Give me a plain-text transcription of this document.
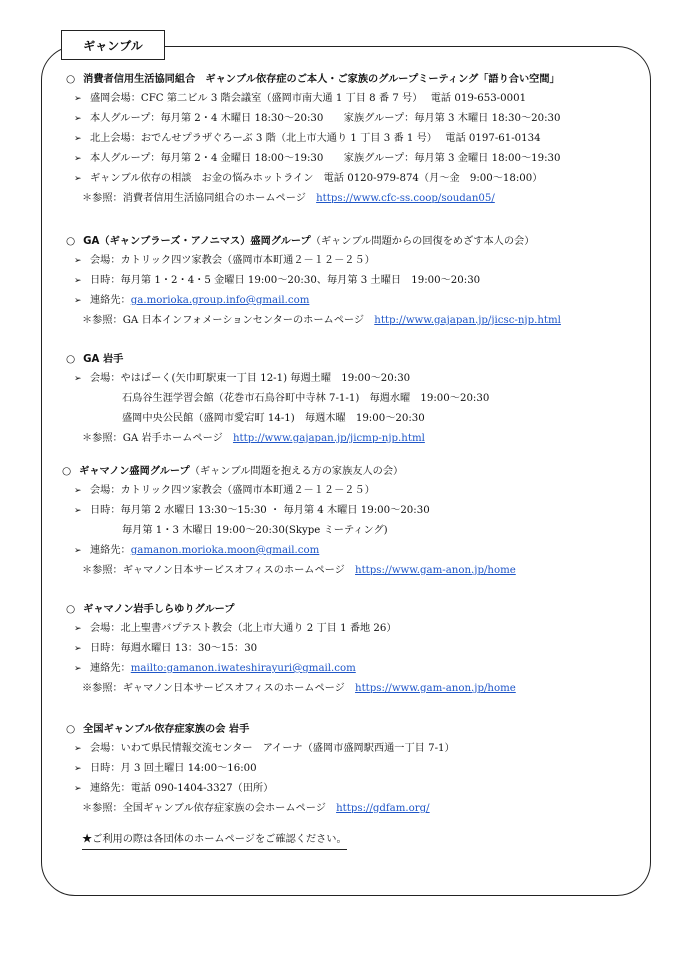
ギャンブル
○ 消費者信用生活協同組合　ギャンブル依存症のご本人・ご家族のグループミーティング「語り合い空間」
➢ 盛岡会場：CFC 第二ビル 3 階会議室（盛岡市南大通 1 丁目 8 番 7 号）　 電話 019-653-0001
➢ 本人グループ：毎月第 2・4 木曜日 18:30～20:30　　家族グループ：毎月第 3 木曜日 18:30～20:30
➢ 北上会場：おでんせプラザぐろーぶ 3 階（北上市大通り 1 丁目 3 番 1 号）　 電話 0197-61-0134
➢ 本人グループ：毎月第 2・4 金曜日 18:00～19:30　　家族グループ：毎月第 3 金曜日 18:00～19:30
➢ ギャンブル依存の相談　お金の悩みホットライン　電話 0120-979-874（月～金　9:00～18:00）
＊参照：消費者信用生活協同組合のホームページ　https://www.cfc-ss.coop/soudan05/
○ GA（ギャンブラーズ・アノニマス）盛岡グループ（ギャンブル問題からの回復をめざす本人の会）
➢ 会場：カトリック四ツ家教会（盛岡市本町通２－１２－２５）
➢ 日時：毎月第 1・2・4・5 金曜日 19:00～20:30、毎月第 3 土曜日　19:00～20:30
➢ 連絡先：ga.morioka.group.info@gmail.com
＊参照：GA 日本インフォメーションセンターのホームページ　http://www.gajapan.jp/jicsc-njp.html
○ GA 岩手
➢ 会場：やはぱーく(矢巾町駅東一丁目 12-1) 毎週土曜　19:00～20:30
石鳥谷生涯学習会館（花巻市石鳥谷町中寺林 7-1-1)　毎週水曜　19:00～20:30
盛岡中央公民館（盛岡市愛宕町 14-1)　毎週木曜　19:00～20:30
＊参照：GA 岩手ホームページ　http://www.gajapan.jp/jicmp-njp.html
○ ギャマノン盛岡グループ（ギャンブル問題を抱える方の家族友人の会）
➢ 会場：カトリック四ツ家教会（盛岡市本町通２－１２－２５）
➢ 日時：毎月第 2 水曜日 13:30～15:30 ・ 毎月第 4 木曜日 19:00～20:30
毎月第 1・3 木曜日 19:00～20:30(Skype ミーティング)
➢ 連絡先：gamanon.morioka.moon@gmail.com
＊参照：ギャマノン日本サービスオフィスのホームページ　https://www.gam-anon.jp/home
○ ギャマノン岩手しらゆりグループ
➢ 会場：北上聖書バプテスト教会（北上市大通り 2 丁目 1 番地 26）
➢ 日時：毎週水曜日 13：30～15：30
➢ 連絡先：mailto:gamanon.iwateshirayuri@gmail.com
※参照：ギャマノン日本サービスオフィスのホームページ　https://www.gam-anon.jp/home
○ 全国ギャンブル依存症家族の会 岩手
➢ 会場：いわて県民情報交流センター　アイーナ（盛岡市盛岡駅西通一丁目 7-1）
➢ 日時：月 3 回土曜日 14:00～16:00
➢ 連絡先：電話 090-1404-3327（田所）
＊参照：全国ギャンブル依存症家族の会ホームページ　https://gdfam.org/
★ご利用の際は各団体のホームページをご確認ください。
